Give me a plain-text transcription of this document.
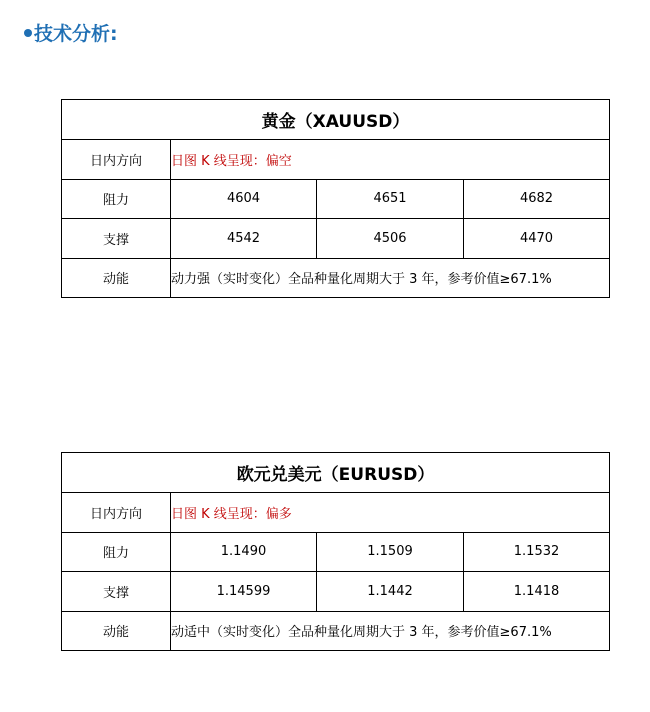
技术分析:
黄金（XAUUSD）			
日内方向	日图 K 线呈现：偏空		
阻力	4604	4651	4682
支撑	4542	4506	4470
动能	动力强（实时变化）全品种量化周期大于 3 年，参考价值≥67.1%		
欧元兑美元（EURUSD）			
日内方向	日图 K 线呈现：偏多		
阻力	1.1490	1.1509	1.1532
支撑	1.14599	1.1442	1.1418
动能	动适中（实时变化）全品种量化周期大于 3 年，参考价值≥67.1%		
